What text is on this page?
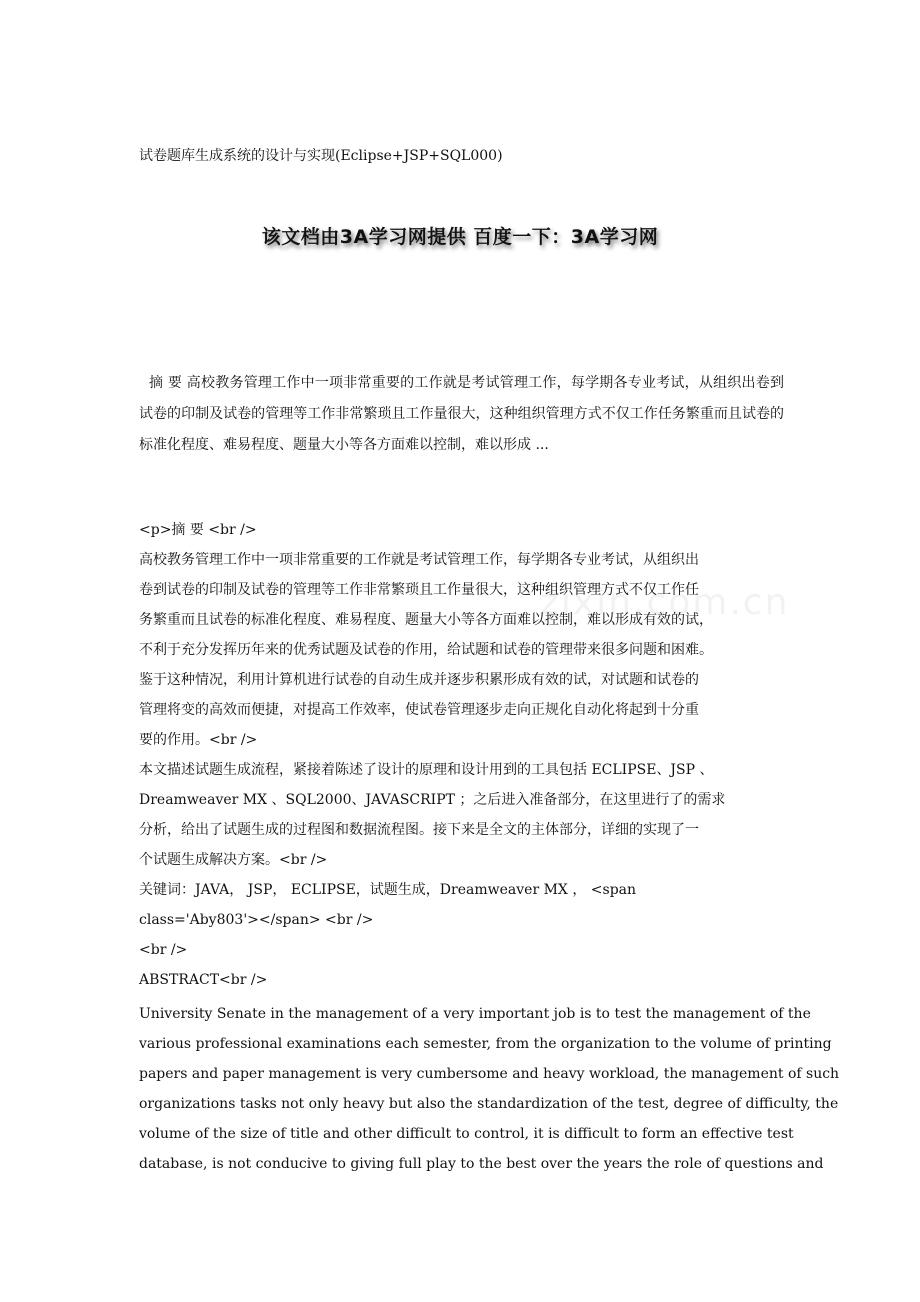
试卷题库生成系统的设计与实现(Eclipse+JSP+SQL000)
该文档由3A学习网提供 百度一下：3A学习网
zixin.com.cn
摘 要 高校教务管理工作中一项非常重要的工作就是考试管理工作，每学期各专业考试，从组织出卷到试卷的印制及试卷的管理等工作非常繁琐且工作量很大，这种组织管理方式不仅工作任务繁重而且试卷的标准化程度、难易程度、题量大小等各方面难以控制，难以形成 ...
<p>摘 要 <br />
高校教务管理工作中一项非常重要的工作就是考试管理工作，每学期各专业考试，从组织出
卷到试卷的印制及试卷的管理等工作非常繁琐且工作量很大，这种组织管理方式不仅工作任
务繁重而且试卷的标准化程度、难易程度、题量大小等各方面难以控制，难以形成有效的试，
不利于充分发挥历年来的优秀试题及试卷的作用，给试题和试卷的管理带来很多问题和困难。
鉴于这种情况，利用计算机进行试卷的自动生成并逐步积累形成有效的试，对试题和试卷的
管理将变的高效而便捷，对提高工作效率，使试卷管理逐步走向正规化自动化将起到十分重
要的作用。<br />
本文描述试题生成流程，紧接着陈述了设计的原理和设计用到的工具包括 ECLIPSE、JSP 、
Dreamweaver MX 、SQL2000、JAVASCRIPT ；之后进入准备部分，在这里进行了的需求
分析，给出了试题生成的过程图和数据流程图。接下来是全文的主体部分，详细的实现了一
个试题生成解决方案。<br />
关键词：JAVA， JSP， ECLIPSE，试题生成，Dreamweaver MX ， <span
class='Aby803'></span> <br />
<br />
ABSTRACT<br />
University Senate in the management of a very important job is to test the management of the
various professional examinations each semester, from the organization to the volume of printing
papers and paper management is very cumbersome and heavy workload, the management of such
organizations tasks not only heavy but also the standardization of the test, degree of difficulty, the
volume of the size of title and other difficult to control, it is difficult to form an effective test
database, is not conducive to giving full play to the best over the years the role of questions and
